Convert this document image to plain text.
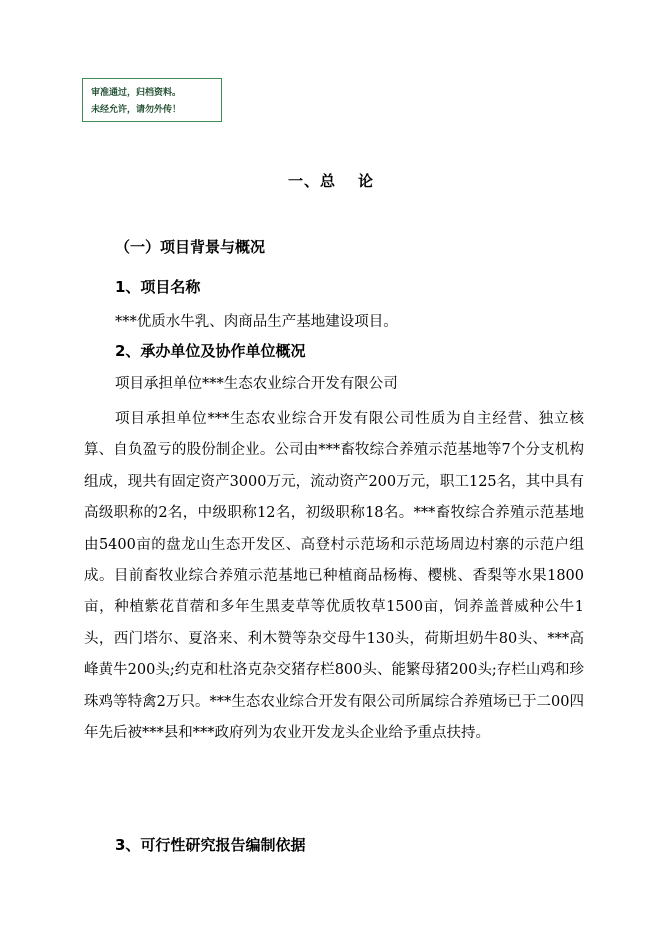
审准通过，归档资料。
未经允许，请勿外传！
一、总 论
（一）项目背景与概况
1、项目名称
***优质水牛乳、肉商品生产基地建设项目。
2、承办单位及协作单位概况
项目承担单位***生态农业综合开发有限公司

项目承担单位***生态农业综合开发有限公司性质为自主经营、独立核算、自负盈亏的股份制企业。公司由***畜牧综合养殖示范基地等7个分支机构组成，现共有固定资产3000万元，流动资产200万元，职工125名，其中具有高级职称的2名，中级职称12名，初级职称18名。***畜牧综合养殖示范基地由5400亩的盘龙山生态开发区、高登村示范场和示范场周边村寨的示范户组成。目前畜牧业综合养殖示范基地已种植商品杨梅、樱桃、香梨等水果1800亩，种植紫花苜蓿和多年生黑麦草等优质牧草1500亩，饲养盖普威种公牛1头，西门塔尔、夏洛来、利木赞等杂交母牛130头，荷斯坦奶牛80头、***高峰黄牛200头;约克和杜洛克杂交猪存栏800头、能繁母猪200头;存栏山鸡和珍珠鸡等特禽2万只。***生态农业综合开发有限公司所属综合养殖场已于二00四年先后被***县和***政府列为农业开发龙头企业给予重点扶持。

3、可行性研究报告编制依据
